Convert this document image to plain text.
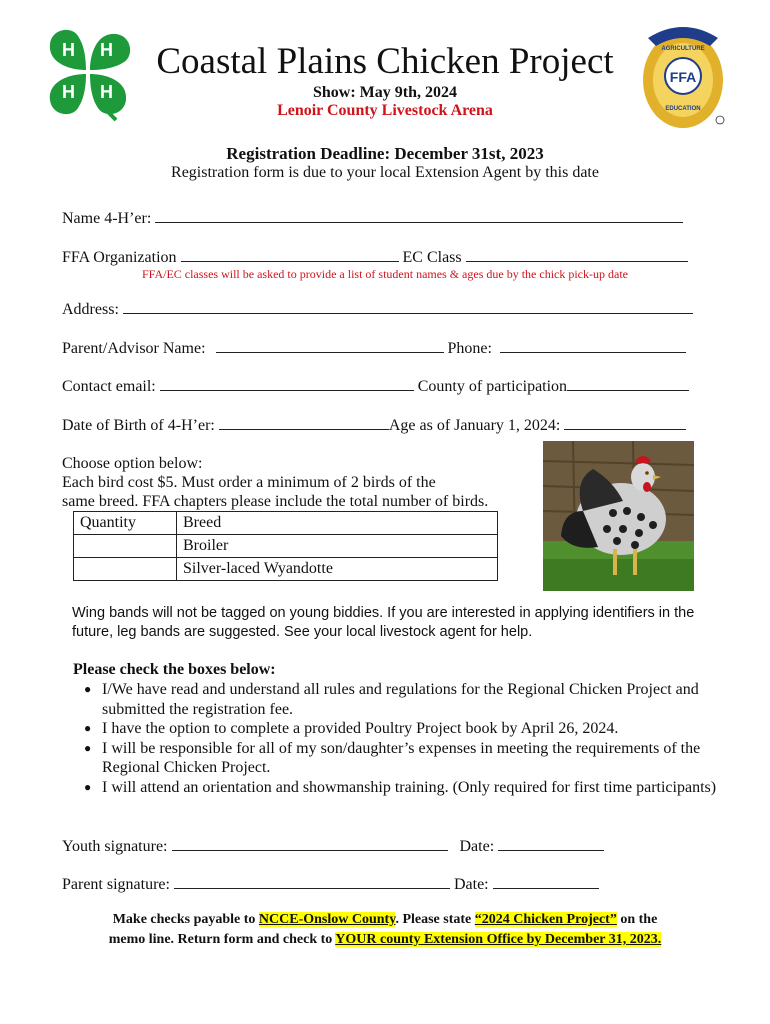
H H
H H
FFA
AGRICULTURE
EDUCATION
Coastal Plains Chicken Project
Show: May 9th, 2024
Lenoir County Livestock Arena
Registration Deadline: December 31st, 2023
Registration form is due to your local Extension Agent by this date
Name 4-H’er:
FFA Organization	EC Class
FFA/EC classes will be asked to provide a list of student names & ages due by the chick pick-up date
Address:
Parent/Advisor Name:	Phone:
Contact email:	County of participation
Date of Birth of 4-H’er:	Age as of January 1, 2024:
Choose option below:
Each bird cost $5. Must order a minimum of 2 birds of the
same breed. FFA chapters please include the total number of birds.
Quantity	Breed
	Broiler
	Silver-laced Wyandotte
Wing bands will not be tagged on young biddies. If you are interested in applying identifiers in the future, leg bands are suggested. See your local livestock agent for help.
Please check the boxes below:
● I/We have read and understand all rules and regulations for the Regional Chicken Project and submitted the registration fee.
● I have the option to complete a provided Poultry Project book by April 26, 2024.
● I will be responsible for all of my son/daughter’s expenses in meeting the requirements of the Regional Chicken Project.
● I will attend an orientation and showmanship training. (Only required for first time participants)
Youth signature:	Date:
Parent signature:	Date:
Make checks payable to NCCE-Onslow County. Please state “2024 Chicken Project” on the
memo line. Return form and check to YOUR county Extension Office by December 31, 2023.
